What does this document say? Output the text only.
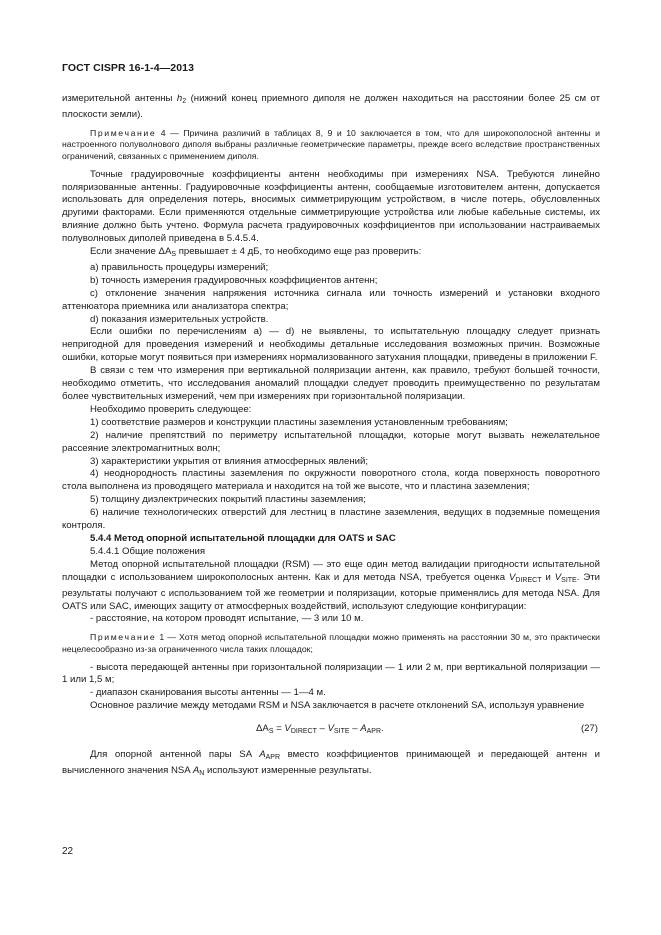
ГОСТ CISPR 16-1-4—2013

измерительной антенны $h_2$ (нижний конец приемного диполя не должен находиться на расстоянии более 25 см от плоскости земли).

Примечание 4 — Причина различий в таблицах 8, 9 и 10 заключается в том, что для широкополосной антенны и настроенного полуволнового диполя выбраны различные геометрические параметры, прежде всего вследствие пространственных ограничений, связанных с применением диполя.

Точные градуировочные коэффициенты антенн необходимы при измерениях NSA. Требуются линейно поляризованные антенны. Градуировочные коэффициенты антенн, сообщаемые изготовителем антенн, допускается использовать для определения потерь, вносимых симметрирующим устройством, в числе потерь, обусловленных другими факторами. Если применяются отдельные симметрирующие устройства или любые кабельные системы, их влияние должно быть учтено. Формула расчета градуировочных коэффициентов при использовании настраиваемых полуволновых диполей приведена в 5.4.5.4.

Если значение $\Delta A_S$ превышает ± 4 дБ, то необходимо еще раз проверить:

a) правильность процедуры измерений;

b) точность измерения градуировочных коэффициентов антенн;

c) отклонение значения напряжения источника сигнала или точность измерений и установки входного аттенюатора приемника или анализатора спектра;

d) показания измерительных устройств.

Если ошибки по перечислениям а) — d) не выявлены, то испытательную площадку следует признать непригодной для проведения измерений и необходимы детальные исследования возможных причин. Возможные ошибки, которые могут появиться при измерениях нормализованного затухания площадки, приведены в приложении F.

В связи с тем что измерения при вертикальной поляризации антенн, как правило, требуют большей точности, необходимо отметить, что исследования аномалий площадки следует проводить преимущественно по результатам более чувствительных измерений, чем при измерениях при горизонтальной поляризации.

Необходимо проверить следующее:

1) соответствие размеров и конструкции пластины заземления установленным требованиям;

2) наличие препятствий по периметру испытательной площадки, которые могут вызвать нежелательное рассеяние электромагнитных волн;

3) характеристики укрытия от влияния атмосферных явлений;

4) неоднородность пластины заземления по окружности поворотного стола, когда поверхность поворотного стола выполнена из проводящего материала и находится на той же высоте, что и пластина заземления;

5) толщину диэлектрических покрытий пластины заземления;

6) наличие технологических отверстий для лестниц в пластине заземления, ведущих в подземные помещения контроля.

5.4.4 Метод опорной испытательной площадки для OATS и SAC

5.4.4.1 Общие положения

Метод опорной испытательной площадки (RSM) — это еще один метод валидации пригодности испытательной площадки с использованием широкополосных антенн. Как и для метода NSA, требуется оценка $V_{DIRECT}$ и $V_{SITE}$. Эти результаты получают с использованием той же геометрии и поляризации, которые применялись для метода NSA. Для OATS или SAC, имеющих защиту от атмосферных воздействий, используют следующие конфигурации:

- расстояние, на котором проводят испытание, — 3 или 10 м.

Примечание 1 — Хотя метод опорной испытательной площадки можно применять на расстоянии 30 м, это практически нецелесообразно из-за ограниченного числа таких площадок;

- высота передающей антенны при горизонтальной поляризации — 1 или 2 м, при вертикальной поляризации — 1 или 1,5 м;

- диапазон сканирования высоты антенны — 1—4 м.

Основное различие между методами RSM и NSA заключается в расчете отклонений SA, используя уравнение

$\Delta A_S = V_{DIRECT} - V_{SITE} - A_{APR}$.	(27)

Для опорной антенной пары SA $A_{APR}$ вместо коэффициентов принимающей и передающей антенн и вычисленного значения NSA $A_N$ используют измеренные результаты.

22
